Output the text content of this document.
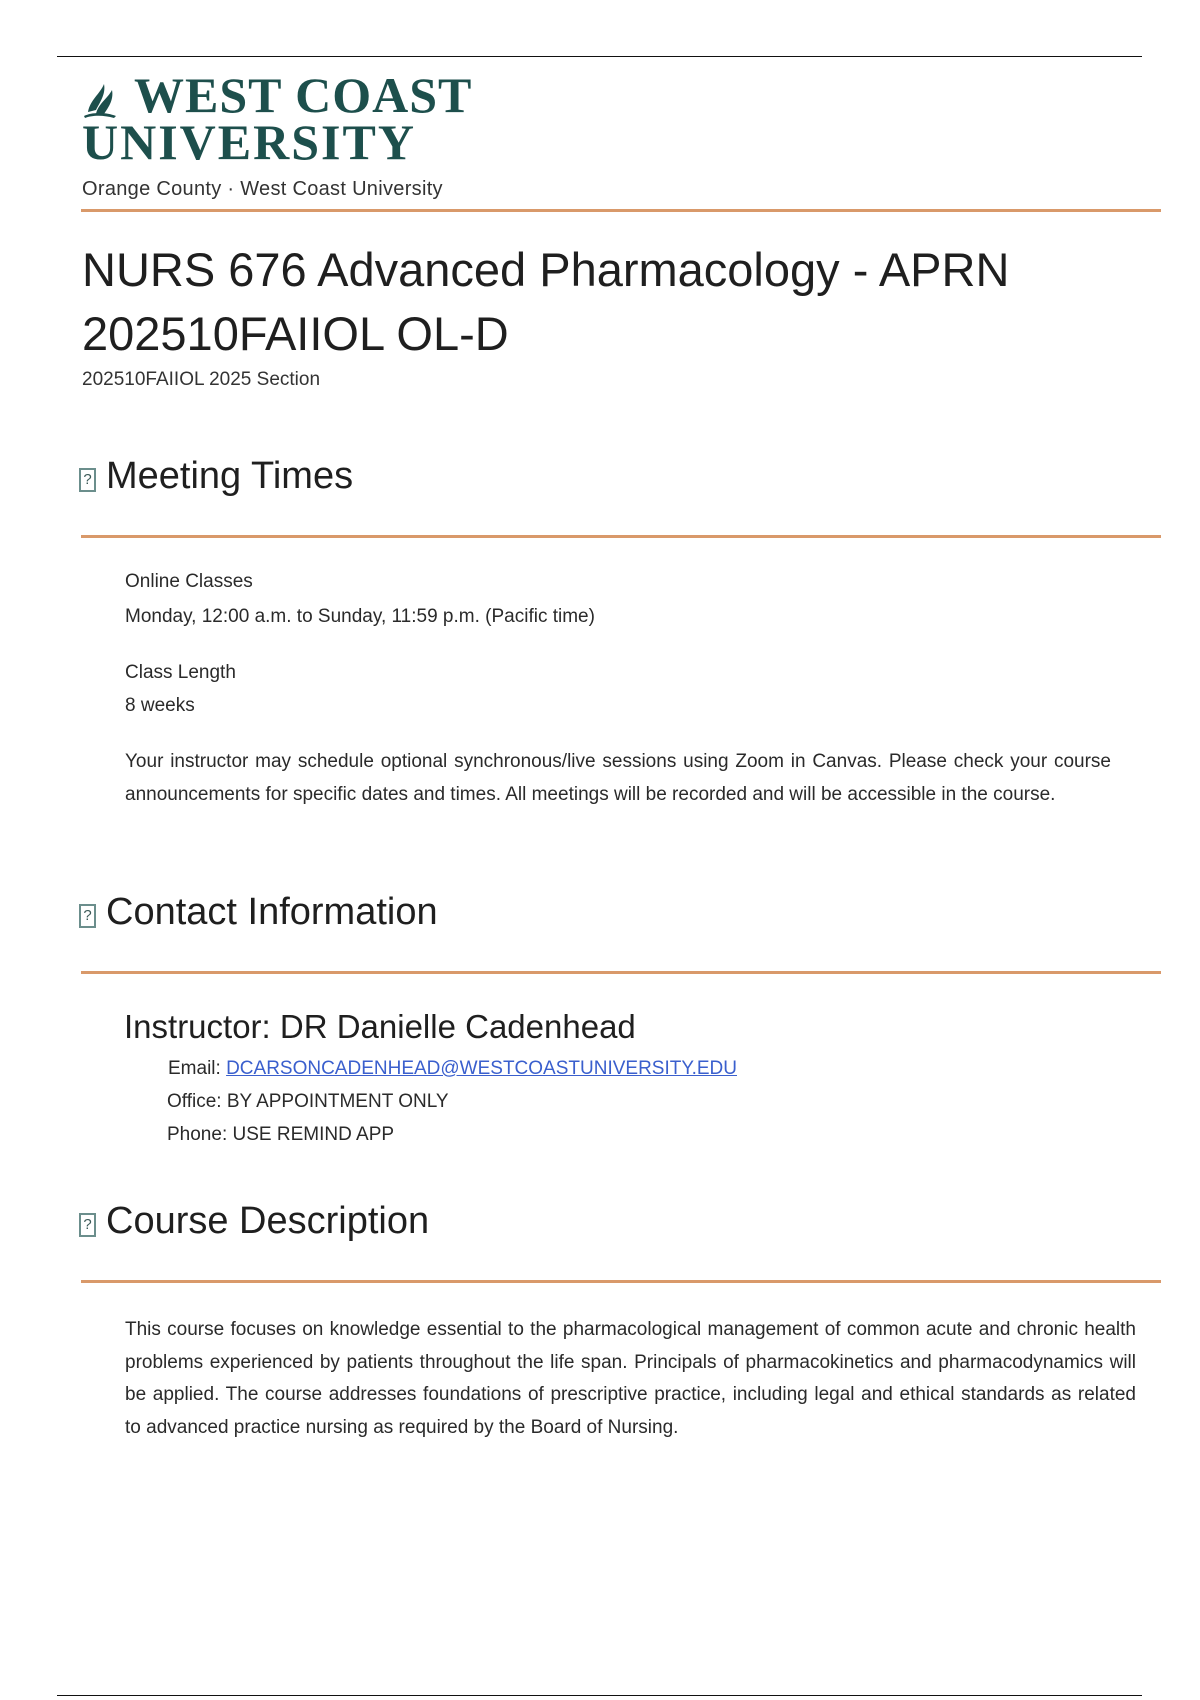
WEST COAST
UNIVERSITY
Orange County · West Coast University
NURS 676 Advanced Pharmacology - APRN
202510FAIIOL OL-D
202510FAIIOL 2025 Section
? Meeting Times
Online Classes
Monday, 12:00 a.m. to Sunday, 11:59 p.m. (Pacific time)
Class Length
8 weeks
Your instructor may schedule optional synchronous/live sessions using Zoom in Canvas. Please check your course announcements for specific dates and times. All meetings will be recorded and will be accessible in the course.
? Contact Information
Instructor: DR Danielle Cadenhead
Email: DCARSONCADENHEAD@WESTCOASTUNIVERSITY.EDU
Office: BY APPOINTMENT ONLY
Phone: USE REMIND APP
? Course Description
This course focuses on knowledge essential to the pharmacological management of common acute and chronic health problems experienced by patients throughout the life span. Principals of pharmacokinetics and pharmacodynamics will be applied. The course addresses foundations of prescriptive practice, including legal and ethical standards as related to advanced practice nursing as required by the Board of Nursing.
